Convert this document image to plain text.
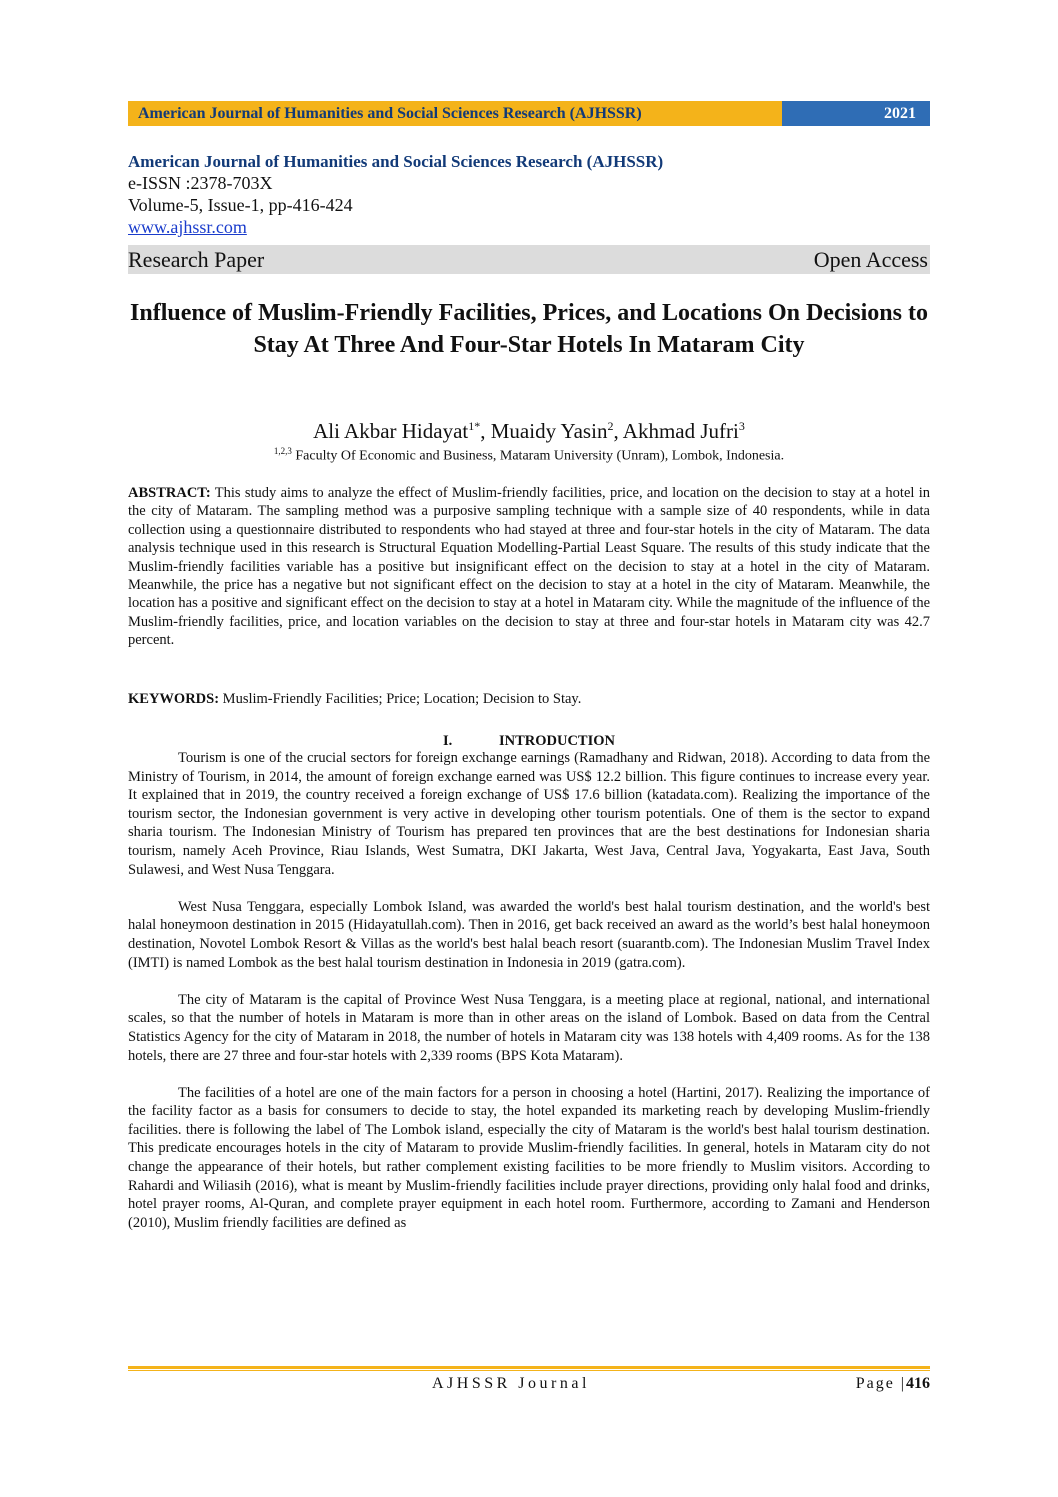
American Journal of Humanities and Social Sciences Research (AJHSSR)	2021
American Journal of Humanities and Social Sciences Research (AJHSSR)
e-ISSN :2378-703X
Volume-5, Issue-1, pp-416-424
www.ajhssr.com
Research Paper	Open Access
Influence of Muslim-Friendly Facilities, Prices, and Locations On Decisions to Stay At Three And Four-Star Hotels In Mataram City
Ali Akbar Hidayat$^{1*}$, Muaidy Yasin$^2$, Akhmad Jufri$^3$
$^{1,2,3}$ Faculty Of Economic and Business, Mataram University (Unram), Lombok, Indonesia.
ABSTRACT: This study aims to analyze the effect of Muslim-friendly facilities, price, and location on the decision to stay at a hotel in the city of Mataram. The sampling method was a purposive sampling technique with a sample size of 40 respondents, while in data collection using a questionnaire distributed to respondents who had stayed at three and four-star hotels in the city of Mataram. The data analysis technique used in this research is Structural Equation Modelling-Partial Least Square. The results of this study indicate that the Muslim-friendly facilities variable has a positive but insignificant effect on the decision to stay at a hotel in the city of Mataram. Meanwhile, the price has a negative but not significant effect on the decision to stay at a hotel in the city of Mataram. Meanwhile, the location has a positive and significant effect on the decision to stay at a hotel in Mataram city. While the magnitude of the influence of the Muslim-friendly facilities, price, and location variables on the decision to stay at three and four-star hotels in Mataram city was 42.7 percent.
KEYWORDS: Muslim-Friendly Facilities; Price; Location; Decision to Stay.
I.	INTRODUCTION

Tourism is one of the crucial sectors for foreign exchange earnings (Ramadhany and Ridwan, 2018). According to data from the Ministry of Tourism, in 2014, the amount of foreign exchange earned was US$ 12.2 billion. This figure continues to increase every year. It explained that in 2019, the country received a foreign exchange of US$ 17.6 billion (katadata.com). Realizing the importance of the tourism sector, the Indonesian government is very active in developing other tourism potentials. One of them is the sector to expand sharia tourism. The Indonesian Ministry of Tourism has prepared ten provinces that are the best destinations for Indonesian sharia tourism, namely Aceh Province, Riau Islands, West Sumatra, DKI Jakarta, West Java, Central Java, Yogyakarta, East Java, South Sulawesi, and West Nusa Tenggara.

West Nusa Tenggara, especially Lombok Island, was awarded the world's best halal tourism destination, and the world's best halal honeymoon destination in 2015 (Hidayatullah.com). Then in 2016, get back received an award as the world’s best halal honeymoon destination, Novotel Lombok Resort & Villas as the world's best halal beach resort (suarantb.com). The Indonesian Muslim Travel Index (IMTI) is named Lombok as the best halal tourism destination in Indonesia in 2019 (gatra.com).

The city of Mataram is the capital of Province West Nusa Tenggara, is a meeting place at regional, national, and international scales, so that the number of hotels in Mataram is more than in other areas on the island of Lombok. Based on data from the Central Statistics Agency for the city of Mataram in 2018, the number of hotels in Mataram city was 138 hotels with 4,409 rooms. As for the 138 hotels, there are 27 three and four-star hotels with 2,339 rooms (BPS Kota Mataram).

The facilities of a hotel are one of the main factors for a person in choosing a hotel (Hartini, 2017). Realizing the importance of the facility factor as a basis for consumers to decide to stay, the hotel expanded its marketing reach by developing Muslim-friendly facilities. there is following the label of The Lombok island, especially the city of Mataram is the world's best halal tourism destination. This predicate encourages hotels in the city of Mataram to provide Muslim-friendly facilities. In general, hotels in Mataram city do not change the appearance of their hotels, but rather complement existing facilities to be more friendly to Muslim visitors. According to Rahardi and Wiliasih (2016), what is meant by Muslim-friendly facilities include prayer directions, providing only halal food and drinks, hotel prayer rooms, Al-Quran, and complete prayer equipment in each hotel room. Furthermore, according to Zamani and Henderson (2010), Muslim friendly facilities are defined as

AJHSSR Journal	Page |416
